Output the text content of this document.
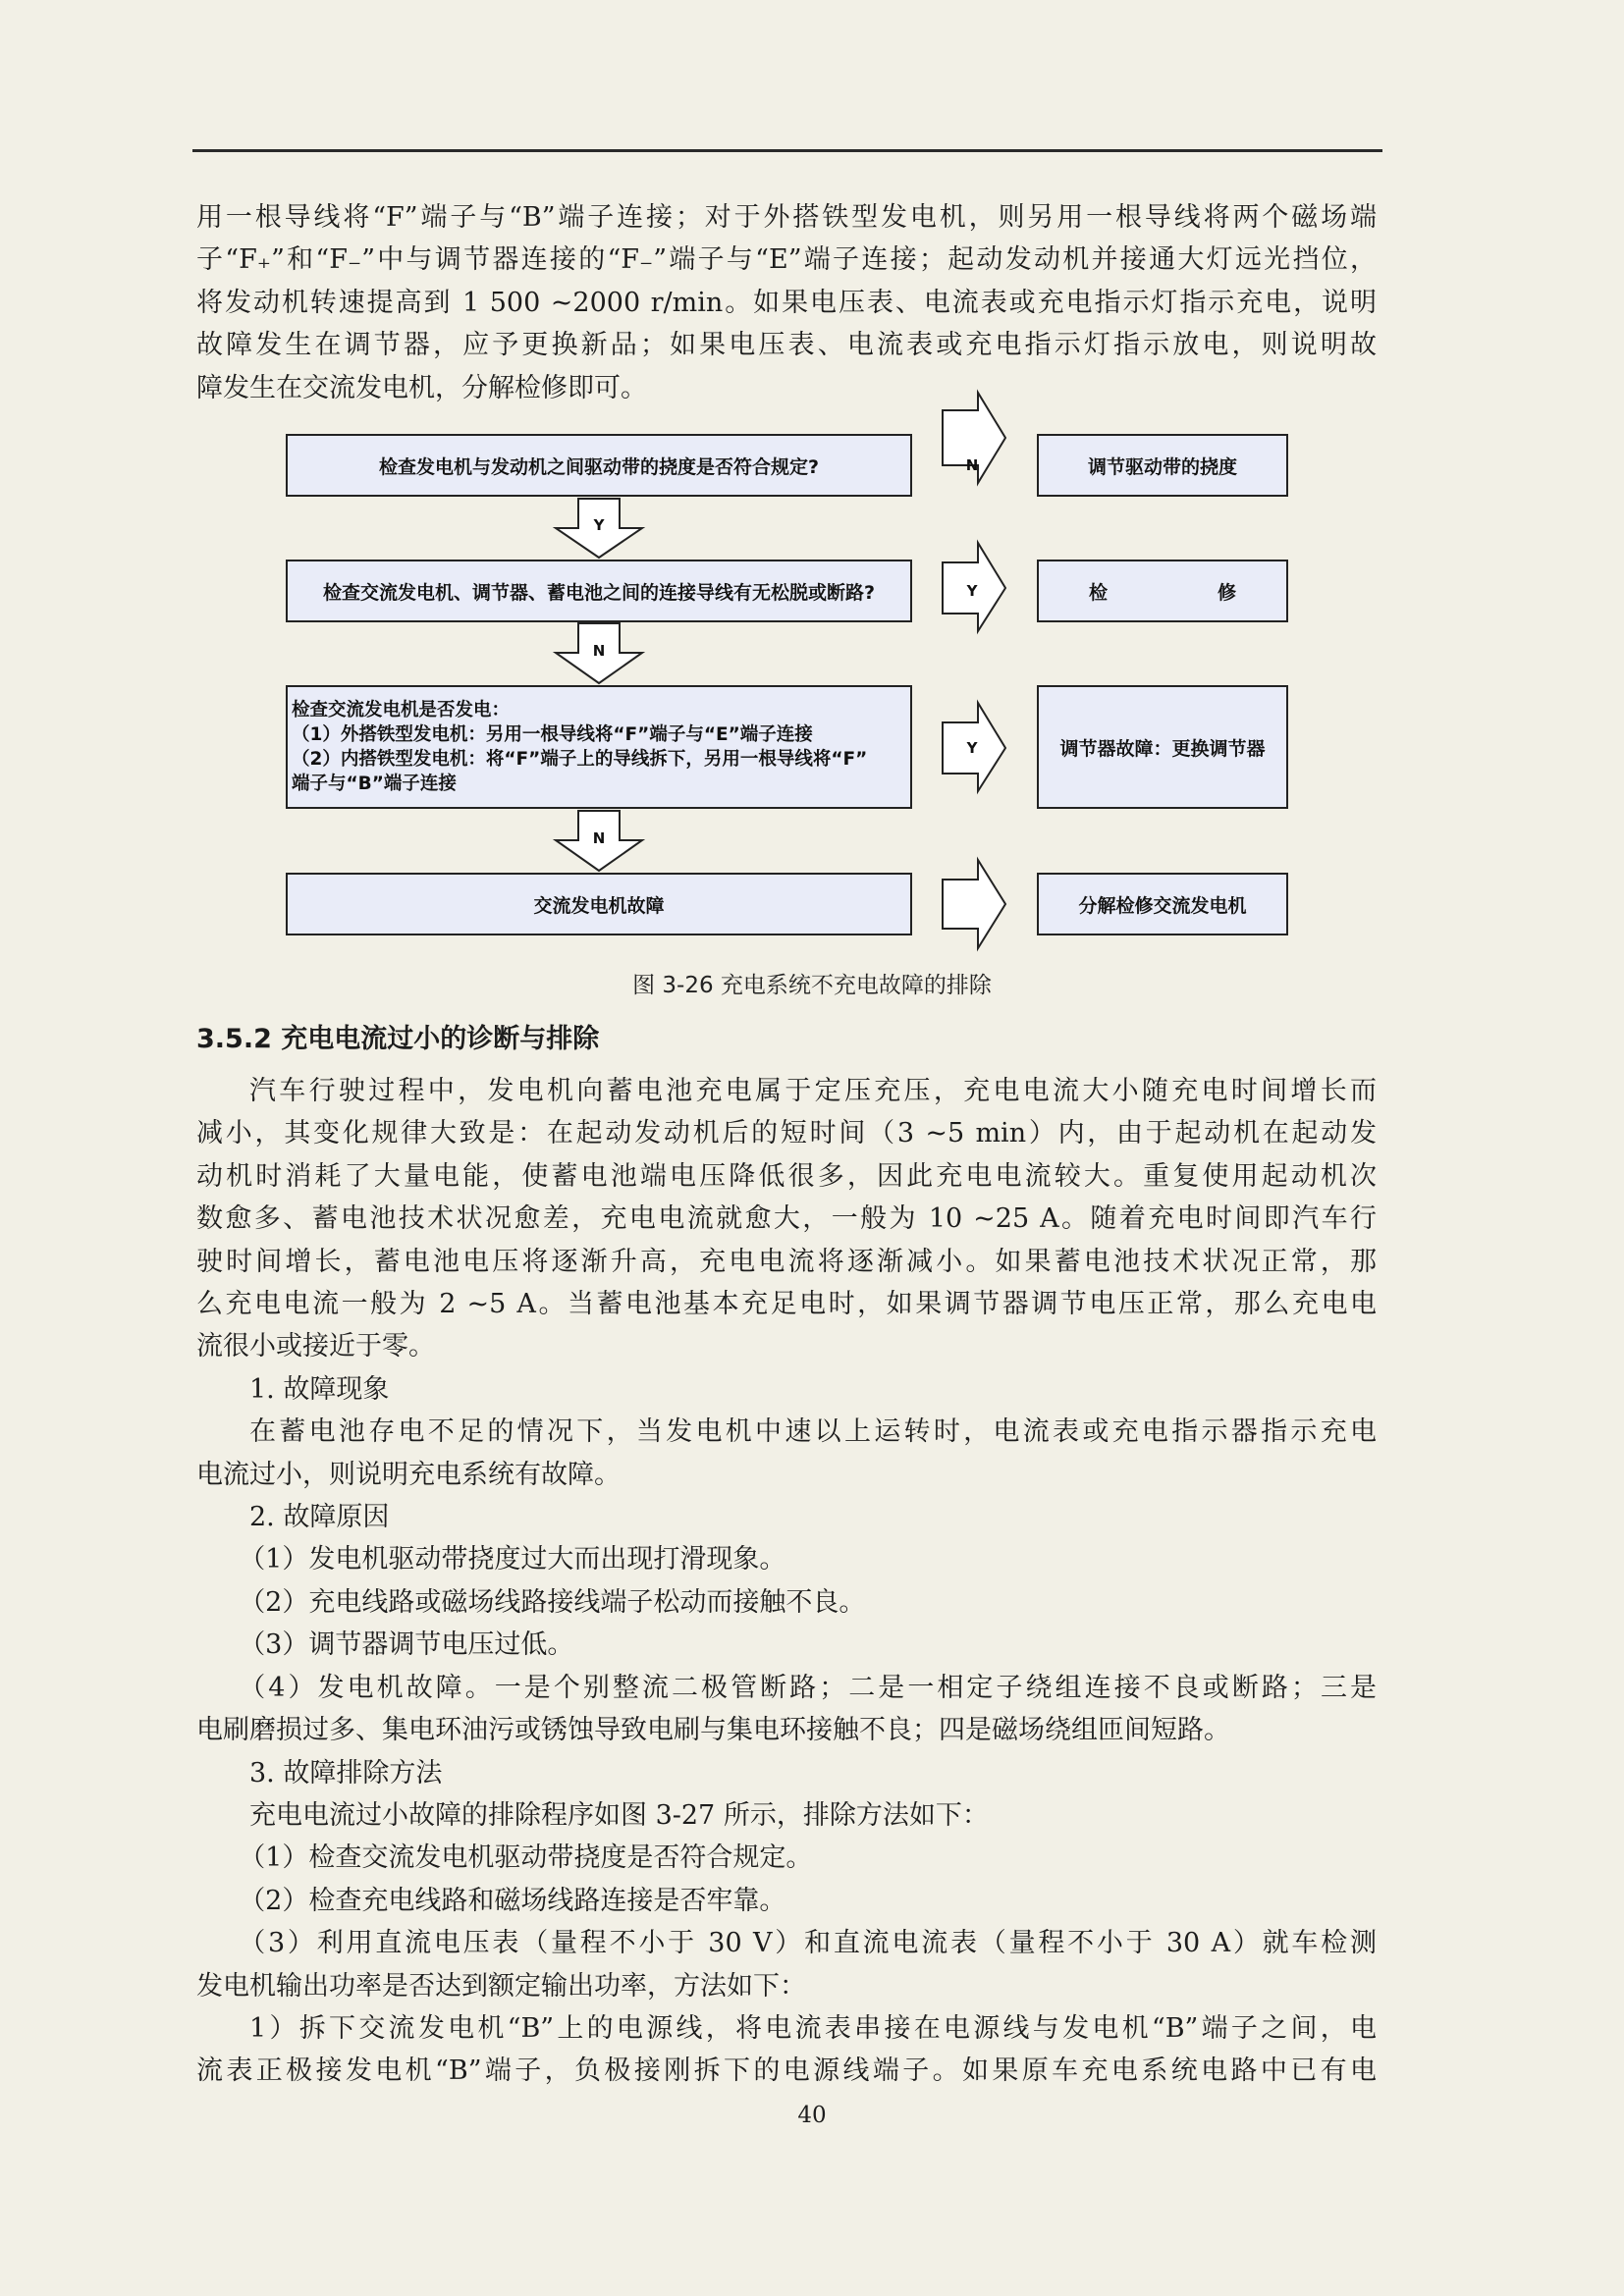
用一根导线将“F”端子与“B”端子连接；对于外搭铁型发电机，则另用一根导线将两个磁场端
子“F₊”和“F₋”中与调节器连接的“F₋”端子与“E”端子连接；起动发动机并接通大灯远光挡位，
将发动机转速提高到 1 500 ~2000 r/min。如果电压表、电流表或充电指示灯指示充电，说明
故障发生在调节器，应予更换新品；如果电压表、电流表或充电指示灯指示放电，则说明故
障发生在交流发电机，分解检修即可。
Y
N
N
N
Y
Y
检查发电机与发动机之间驱动带的挠度是否符合规定?	调节驱动带的挠度
检查交流发电机、调节器、蓄电池之间的连接导线有无松脱或断路?	检	修
检查交流发电机是否发电：
（1）外搭铁型发电机：另用一根导线将“F”端子与“E”端子连接
（2）内搭铁型发电机：将“F”端子上的导线拆下，另用一根导线将“F”
端子与“B”端子连接
调节器故障：更换调节器
交流发电机故障	分解检修交流发电机
图 3-26 充电系统不充电故障的排除
3.5.2 充电电流过小的诊断与排除
汽车行驶过程中，发电机向蓄电池充电属于定压充压，充电电流大小随充电时间增长而
减小，其变化规律大致是：在起动发动机后的短时间（3 ~5 min）内，由于起动机在起动发
动机时消耗了大量电能，使蓄电池端电压降低很多，因此充电电流较大。重复使用起动机次
数愈多、蓄电池技术状况愈差，充电电流就愈大，一般为 10 ~25 A。随着充电时间即汽车行
驶时间增长，蓄电池电压将逐渐升高，充电电流将逐渐减小。如果蓄电池技术状况正常，那
么充电电流一般为 2 ~5 A。当蓄电池基本充足电时，如果调节器调节电压正常，那么充电电
流很小或接近于零。
1. 故障现象
在蓄电池存电不足的情况下，当发电机中速以上运转时，电流表或充电指示器指示充电
电流过小，则说明充电系统有故障。
2. 故障原因
（1）发电机驱动带挠度过大而出现打滑现象。
（2）充电线路或磁场线路接线端子松动而接触不良。
（3）调节器调节电压过低。
（4）发电机故障。一是个别整流二极管断路；二是一相定子绕组连接不良或断路；三是
电刷磨损过多、集电环油污或锈蚀导致电刷与集电环接触不良；四是磁场绕组匝间短路。
3. 故障排除方法
充电电流过小故障的排除程序如图 3-27 所示，排除方法如下：
（1）检查交流发电机驱动带挠度是否符合规定。
（2）检查充电线路和磁场线路连接是否牢靠。
（3）利用直流电压表（量程不小于 30 V）和直流电流表（量程不小于 30 A）就车检测
发电机输出功率是否达到额定输出功率，方法如下：
1）拆下交流发电机“B”上的电源线，将电流表串接在电源线与发电机“B”端子之间，电
流表正极接发电机“B”端子，负极接刚拆下的电源线端子。如果原车充电系统电路中已有电
40
